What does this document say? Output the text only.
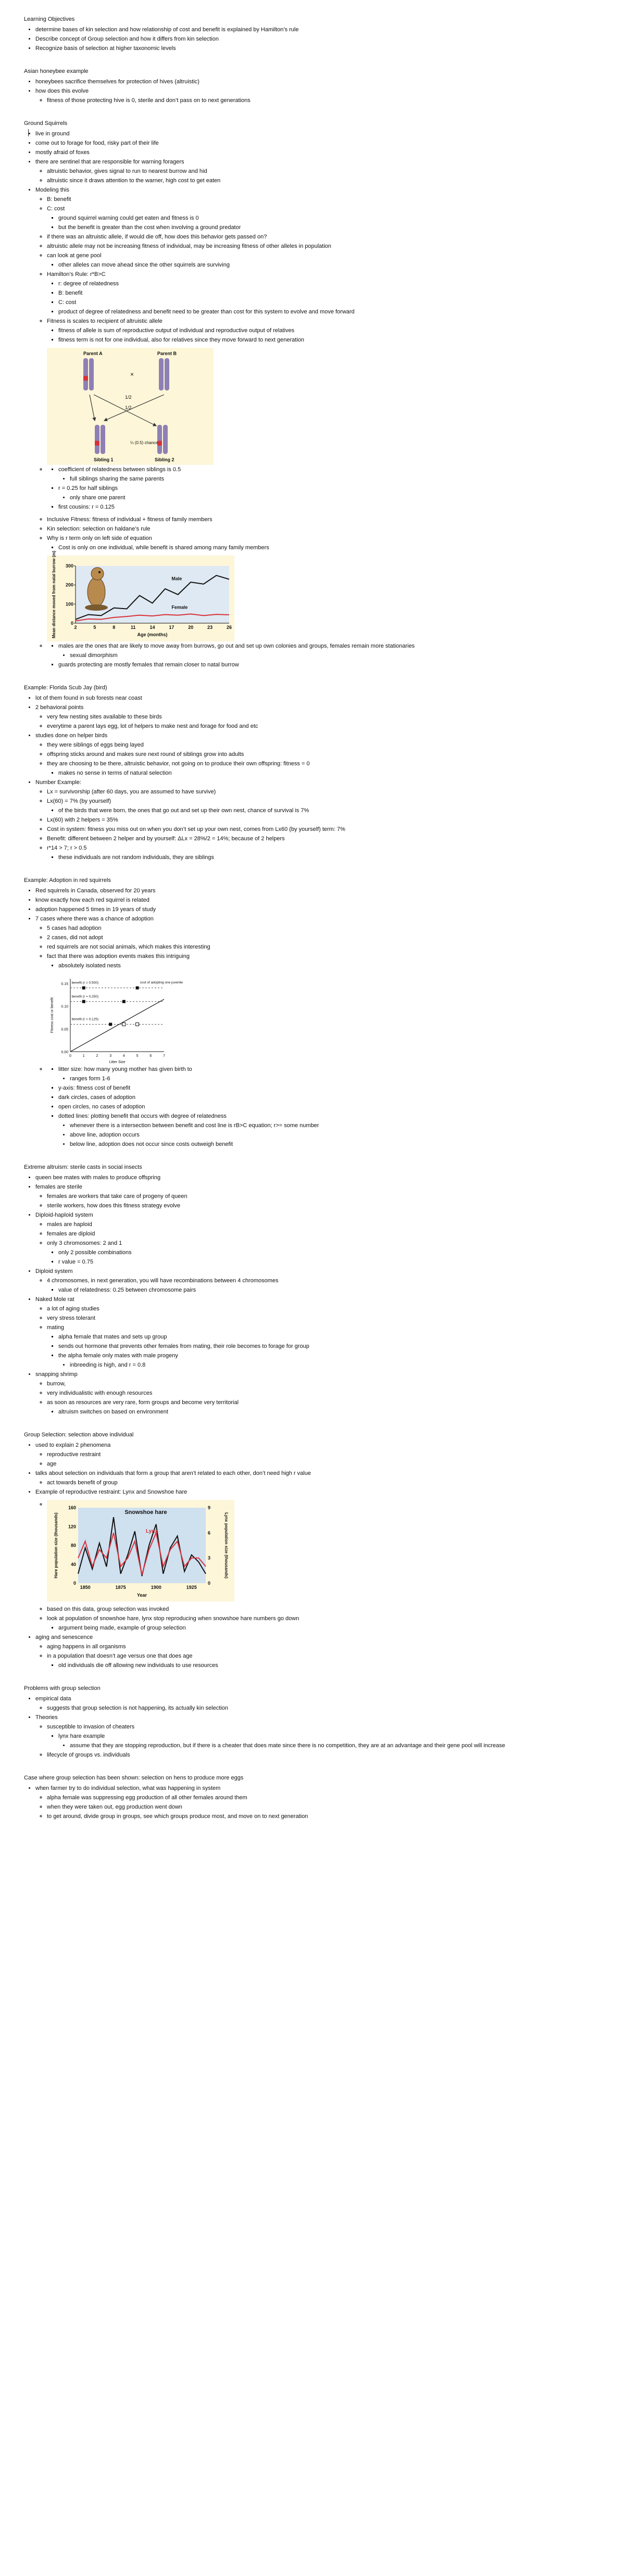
Learning Objectives
• determine bases of kin selection and how relationship of cost and benefit is explained by Hamilton’s rule
• Describe concept of Group selection and how it differs from kin selection
• Recognize basis of selection at higher taxonomic levels
Asian honeybee example
• honeybees sacrifice themselves for protection of hives (altruistic)
• how does this evolve
◦ fitness of those protecting hive is 0, sterile and don’t pass on to next generations
Ground Squirrels
• live in ground
• come out to forage for food, risky part of their life
• mostly afraid of foxes
• there are sentinel that are responsible for warning foragers
◦ altruistic behavior, gives signal to run to nearest burrow and hid
◦ altruistic since it draws attention to the warner, high cost to get eaten
• Modeling this
◦ B: benefit
◦ C: cost
▪ ground squirrel warning could get eaten and fitness is 0
▪ but the benefit is greater than the cost when involving a ground predator
◦ if there was an altruistic allele, if would die off, how does this behavior gets passed on?
◦ altruistic allele may not be increasing fitness of individual, may be increasing fitness of other alleles in population
◦ can look at gene pool
▪ other alleles can move ahead since the other squirrels are surviving
◦ Hamilton’s Rule: r*B>C
▪ r: degree of relatedness
▪ B: benefit
▪ C: cost
▪ product of degree of relatedness and benefit need to be greater than cost for this system to evolve and move forward
◦ Fitness is scales to recipient of altruistic allele
▪ fitness of allele is sum of reproductive output of individual and reproductive output of relatives
▪ fitness term is not for one individual, also for relatives since they move forward to next generation
◦ Parent A	Parent B
×
1/2
1/2
¼ (0.5) chance
Sibling 1	Sibling 2
▪ coefficient of relatedness between siblings is 0.5
• full siblings sharing the same parents
▪ r = 0.25 for half siblings
• only share one parent
▪ first cousins: r = 0.125
◦ Inclusive Fitness: fitness of individual + fitness of family members
◦ Kin selection: selection on haldane’s rule
◦ Why is r term only on left side of equation
▪ Cost is only on one individual, while benefit is shared among many family members
◦ 0
100
200
300
2	5	8	11	14	17	20	23	26
Male
Female
Age (months)
Mean distance moved from natal burrow (m)
▪ males are the ones that are likely to move away from burrows, go out and set up own colonies and groups, females remain more stationaries
• sexual dimorphism
▪ guards protecting are mostly females that remain closer to natal burrow
Example: Florida Scub Jay (bird)
• lot of them found in sub forests near coast
• 2 behavioral points
◦ very few nesting sites available to these birds
◦ everytime a parent lays egg, lot of helpers to make nest and forage for food and etc
• studies done on helper birds
◦ they were siblings of eggs being layed
◦ offspring sticks around and makes sure next round of siblings grow into adults
◦ they are choosing to be there, altruistic behavior, not going on to produce their own offspring: fitness = 0
▪ makes no sense in terms of natural selection
• Number Example:
◦ Lx = survivorship (after 60 days, you are assumed to have survive)
◦ Lx(60) = 7% (by yourself)
▪ of the birds that were born, the ones that go out and set up their own nest, chance of survival is 7%
◦ Lx(60) with 2 helpers = 35%
◦ Cost in system: fitness you miss out on when you don’t set up your own nest, comes from Lx60 (by yourself) term: 7%
◦ Benefit: different between 2 helper and by yourself: ΔLx = 28%/2 = 14%; because of 2 helpers
◦ r*14 > 7; r > 0.5
▪ these individuals are not random individuals, they are siblings
Example: Adoption in red squirrels
• Red squirrels in Canada, observed for 20 years
• know exactly how each red squirrel is related
• adoption happened 5 times in 19 years of study
• 7 cases where there was a chance of adoption
◦ 5 cases had adoption
◦ 2 cases, did not adopt
◦ red squirrels are not social animals, which makes this interesting
◦ fact that there was adoption events makes this intriguing
▪ absolutely isolated nests
◦ 0.00
0.05
0.10
0.15
0	1	2	3	4	5	6	7
benefit (r = 0.500)
benefit (r = 0.250)
benefit (r = 0.125)
cost of adopting one juvenile
Litter Size
Fitness cost or benefit
▪ litter size: how many young mother has given birth to
• ranges form 1-6
▪ y-axis: fitness cost of benefit
▪ dark circles, cases of adoption
▪ open circles, no cases of adoption
▪ dotted lines: plotting benefit that occurs with degree of relatedness
• whenever there is a intersection between benefit and cost line is rB>C equation; r>= some number
• above line, adoption occurs
• below line, adoption does not occur since costs outweigh benefit
Extreme altruism: sterile casts in social insects
• queen bee mates with males to produce offspring
• females are sterile
◦ females are workers that take care of progeny of queen
◦ sterile workers, how does this fitness strategy evolve
• Diploid-haploid system
◦ males are haploid
◦ females are diploid
◦ only 3 chromosomes: 2 and 1
▪ only 2 possible combinations
▪ r value = 0.75
• Diploid system
◦ 4 chromosomes, in next generation, you will have recombinations between 4 chromosomes
▪ value of relatedness: 0.25 between chromosome pairs
• Naked Mole rat
◦ a lot of aging studies
◦ very stress tolerant
◦ mating
▪ alpha female that mates and sets up group
▪ sends out hormone that prevents other females from mating, their role becomes to forage for group
▪ the alpha female only mates with male progeny
• inbreeding is high, and r = 0.8
• snapping shrimp
◦ burrow,
◦ very individualistic with enough resources
◦ as soon as resources are very rare, form groups and become very territorial
▪ altruism switches on based on environment
Group Selection: selection above individual
• used to explain 2 phenomena
◦ reproductive restraint
◦ age
• talks about selection on individuals that form a group that aren’t related to each other, don’t need high r value
◦ act towards benefit of group
• Example of reproductive restraint: Lynx and Snowshoe hare
◦ 0
40
80
120
160
0
3
6
9
1850	1875	1900	1925
Snowshoe hare
Lynx
Year
Hare population size (thousands)	Lynx population size (thousands)
◦ based on this data, group selection was invoked
◦ look at population of snowshoe hare, lynx stop reproducing when snowshoe hare numbers go down
▪ argument being made, example of group selection
• aging and senescence
◦ aging happens in all organisms
◦ in a population that doesn’t age versus one that does age
▪ old individuals die off allowing new individuals to use resources
Problems with group selection
• empirical data
◦ suggests that group selection is not happening, its actually kin selection
• Theories
◦ susceptible to invasion of cheaters
▪ lynx hare example
• assume that they are stopping reproduction, but if there is a cheater that does mate since there is no competition, they are at an advantage and their gene pool will increase
◦ lifecycle of groups vs. individuals
Case where group selection has been shown: selection on hens to produce more eggs
• when farmer try to do individual selection, what was happening in system
◦ alpha female was suppressing egg production of all other females around them
◦ when they were taken out, egg production went down
◦ to get around, divide group in groups, see which groups produce most, and move on to next generation
